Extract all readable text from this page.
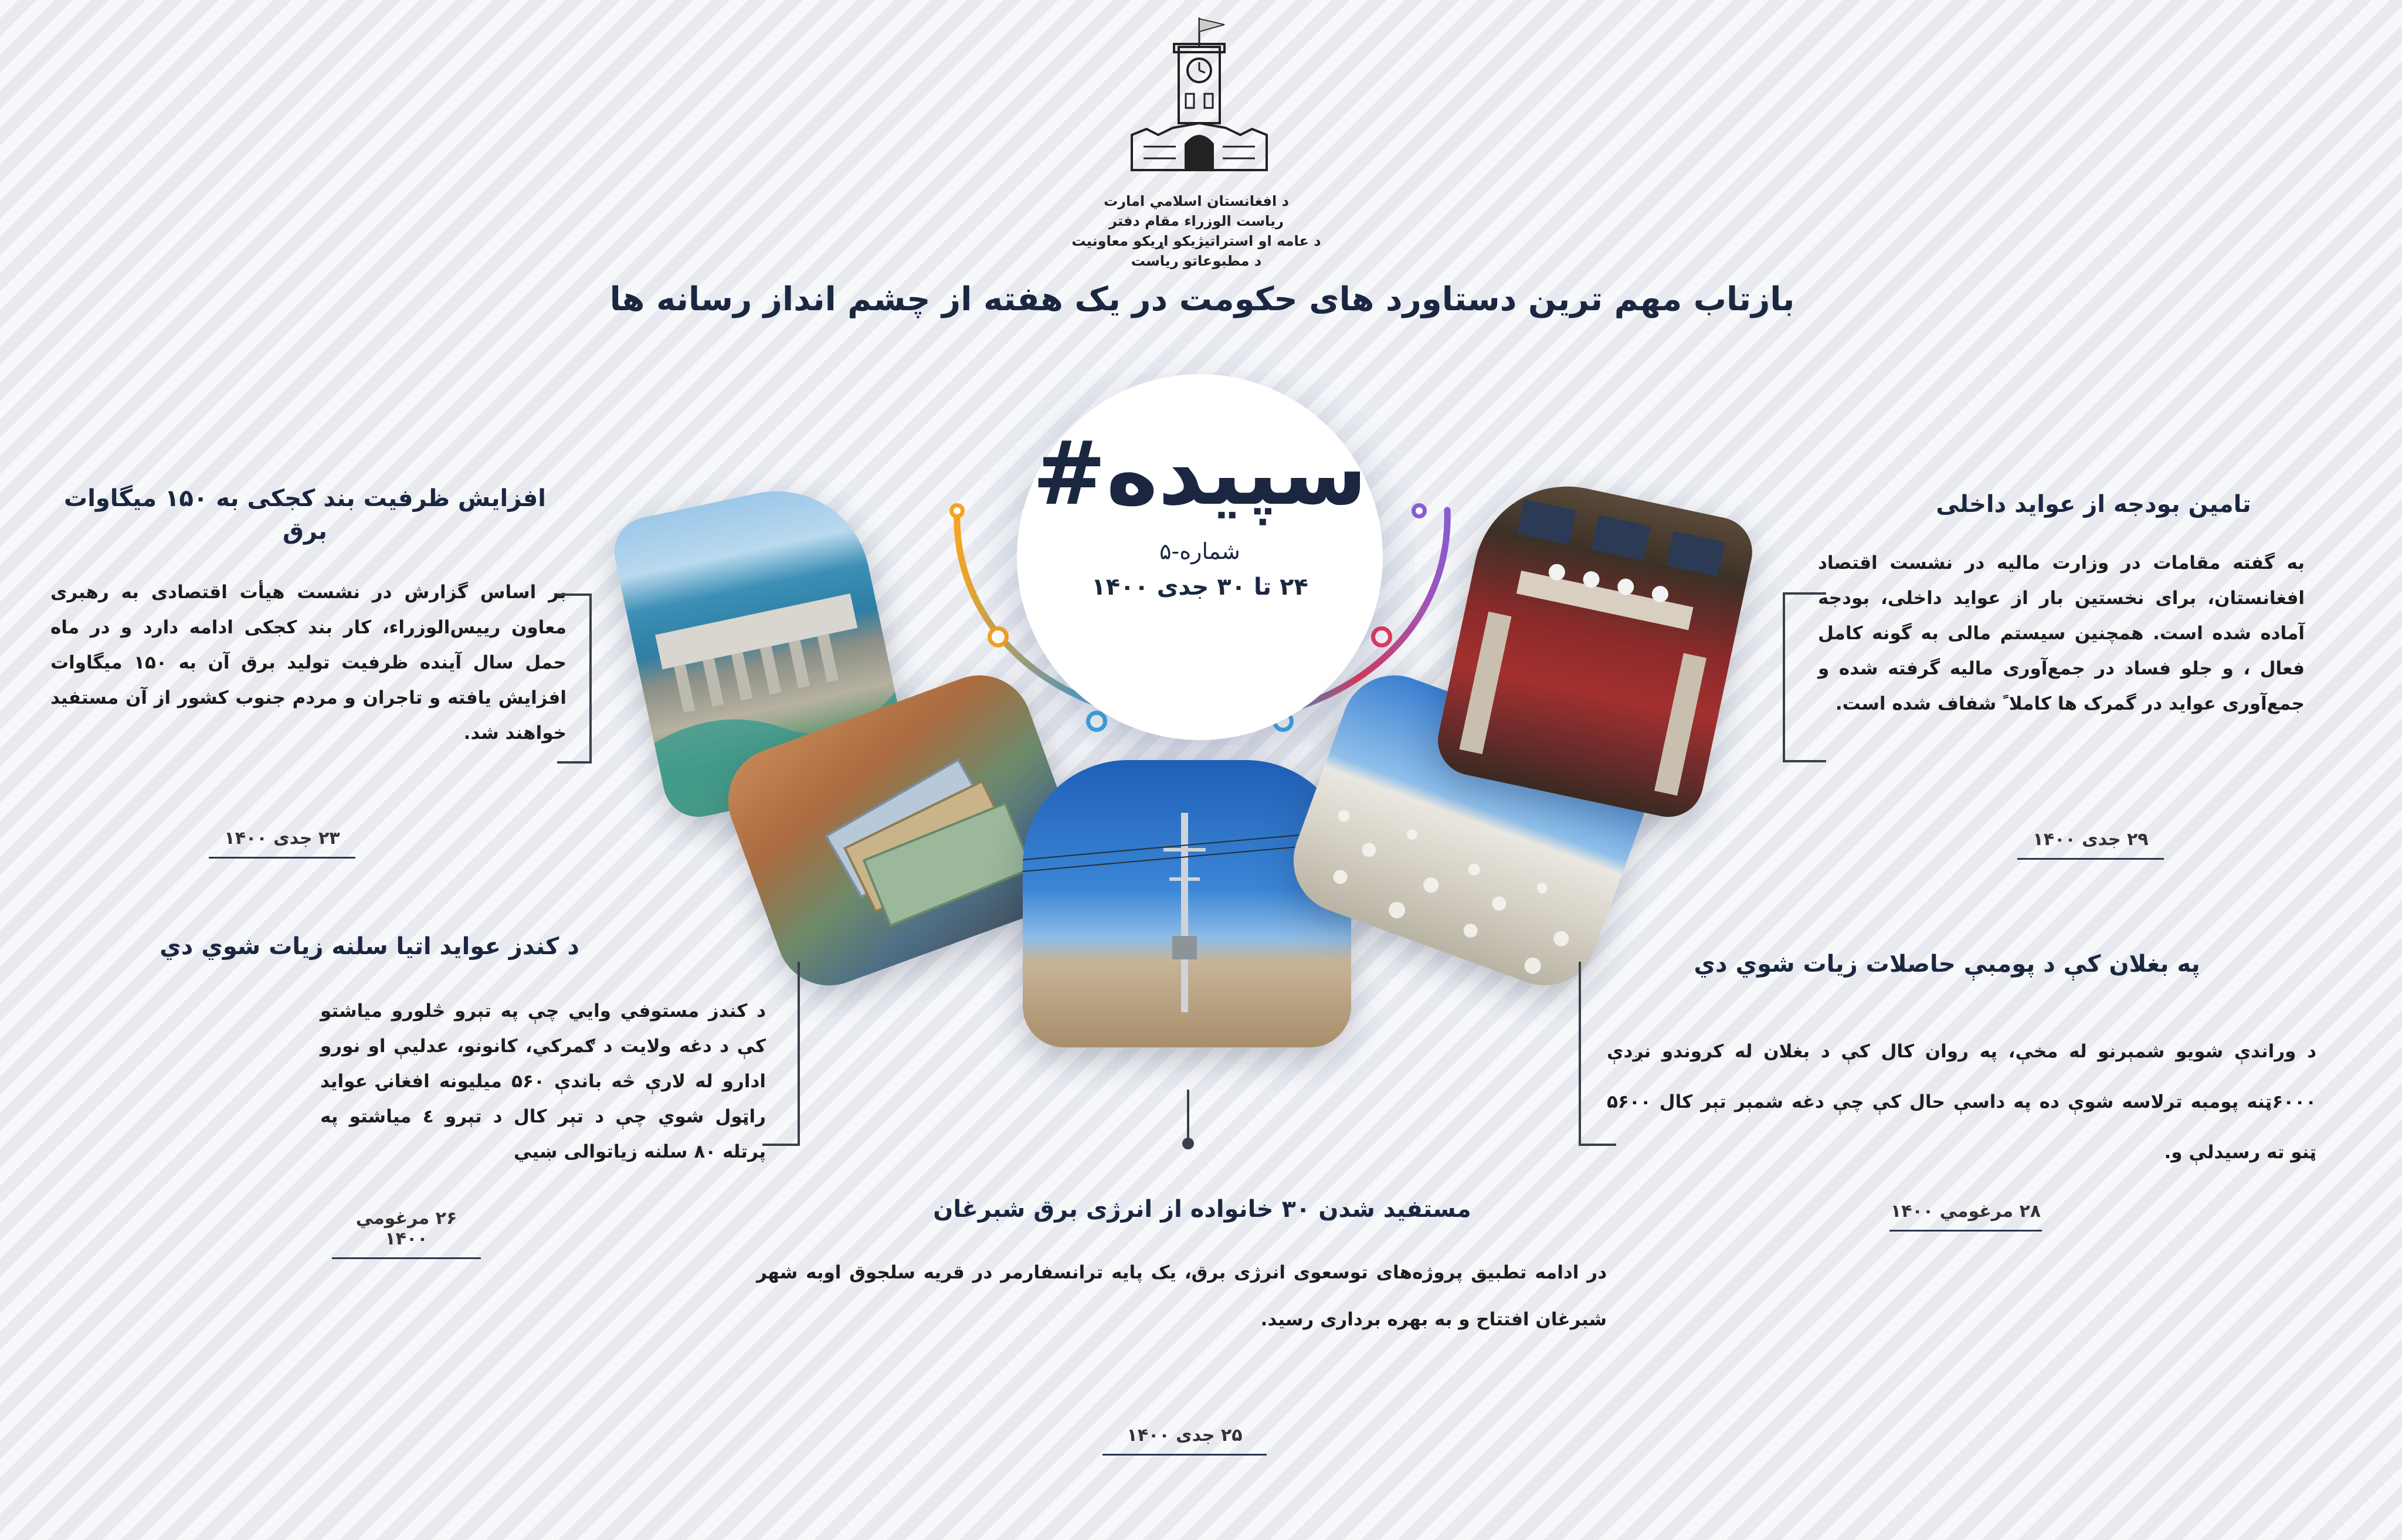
د افغانستان اسلامي امارت
ریاست الوزراء مقام دفتر
د عامه او استراتيژيکو اړيکو معاونيت
د مطبوعاتو رياست
بازتاب مهم ترین دستاورد های حکومت در یک هفته از چشم انداز رسانه ها
#سپیده
شماره-۵
۲۴ تا ۳۰ جدی ۱۴۰۰
افزایش ظرفیت بند کجکی به ۱۵۰ میگاوات برق
بر اساس گزارش در نشست هیأت اقتصادی به رهبری معاون رییس‌الوزراء، کار بند کجکی ادامه دارد و در ماه حمل سال آینده ظرفیت تولید برق آن به ۱۵۰ میگاوات افزایش یافته و تاجران و مردم جنوب کشور از آن مستفید خواهند شد.
۲۳ جدی ۱۴۰۰
تامین بودجه از عواید داخلی
به گفته مقامات در وزارت مالیه در نشست اقتصاد افغانستان، برای نخستین بار از عواید داخلی، بودجه آماده شده است. همچنین سیستم مالی به گونه کامل فعال ، و جلو فساد در جمع‌آوری مالیه گرفته شده و جمع‌آوری عواید در گمرک ها کاملا ً شفاف شده است.
۲۹ جدی ۱۴۰۰
د کندز عواید اتیا سلنه زیات شوي دي
د کندز مستوفي وايي چې په تېرو څلورو مياشتو کې د دغه ولايت د ګمرکي، کانونو، عدليې او نورو ادارو له لارې څه باندې ۵۶۰ میلیونه افغانۍ عواید راټول شوي چې د تېر کال د تېرو ٤ میاشتو په پرتله ۸۰ سلنه زیاتوالی ښيي
۲۶ مرغومي ۱۴۰۰
په بغلان کې د پومبې حاصلات زیات شوي دي
د وراندې شويو شمېرنو له مخې، په روان کال کې د بغلان له کروندو نږدې ۶۰۰۰ټنه پومبه ترلاسه شوې ده په داسې حال کې چې دغه شمېر تېر کال ۵۶۰۰ ټنو ته رسیدلې و.
۲۸ مرغومي ۱۴۰۰
مستفید شدن ۳۰ خانواده از انرژی برق شبرغان
در ادامه تطبیق پروژه‌های توسعوی انرژی برق، یک پایه ترانسفارمر در قریه سلجوق اوبه شهر شبرغان افتتاح و به بهره برداری رسید.
۲۵ جدی ۱۴۰۰
